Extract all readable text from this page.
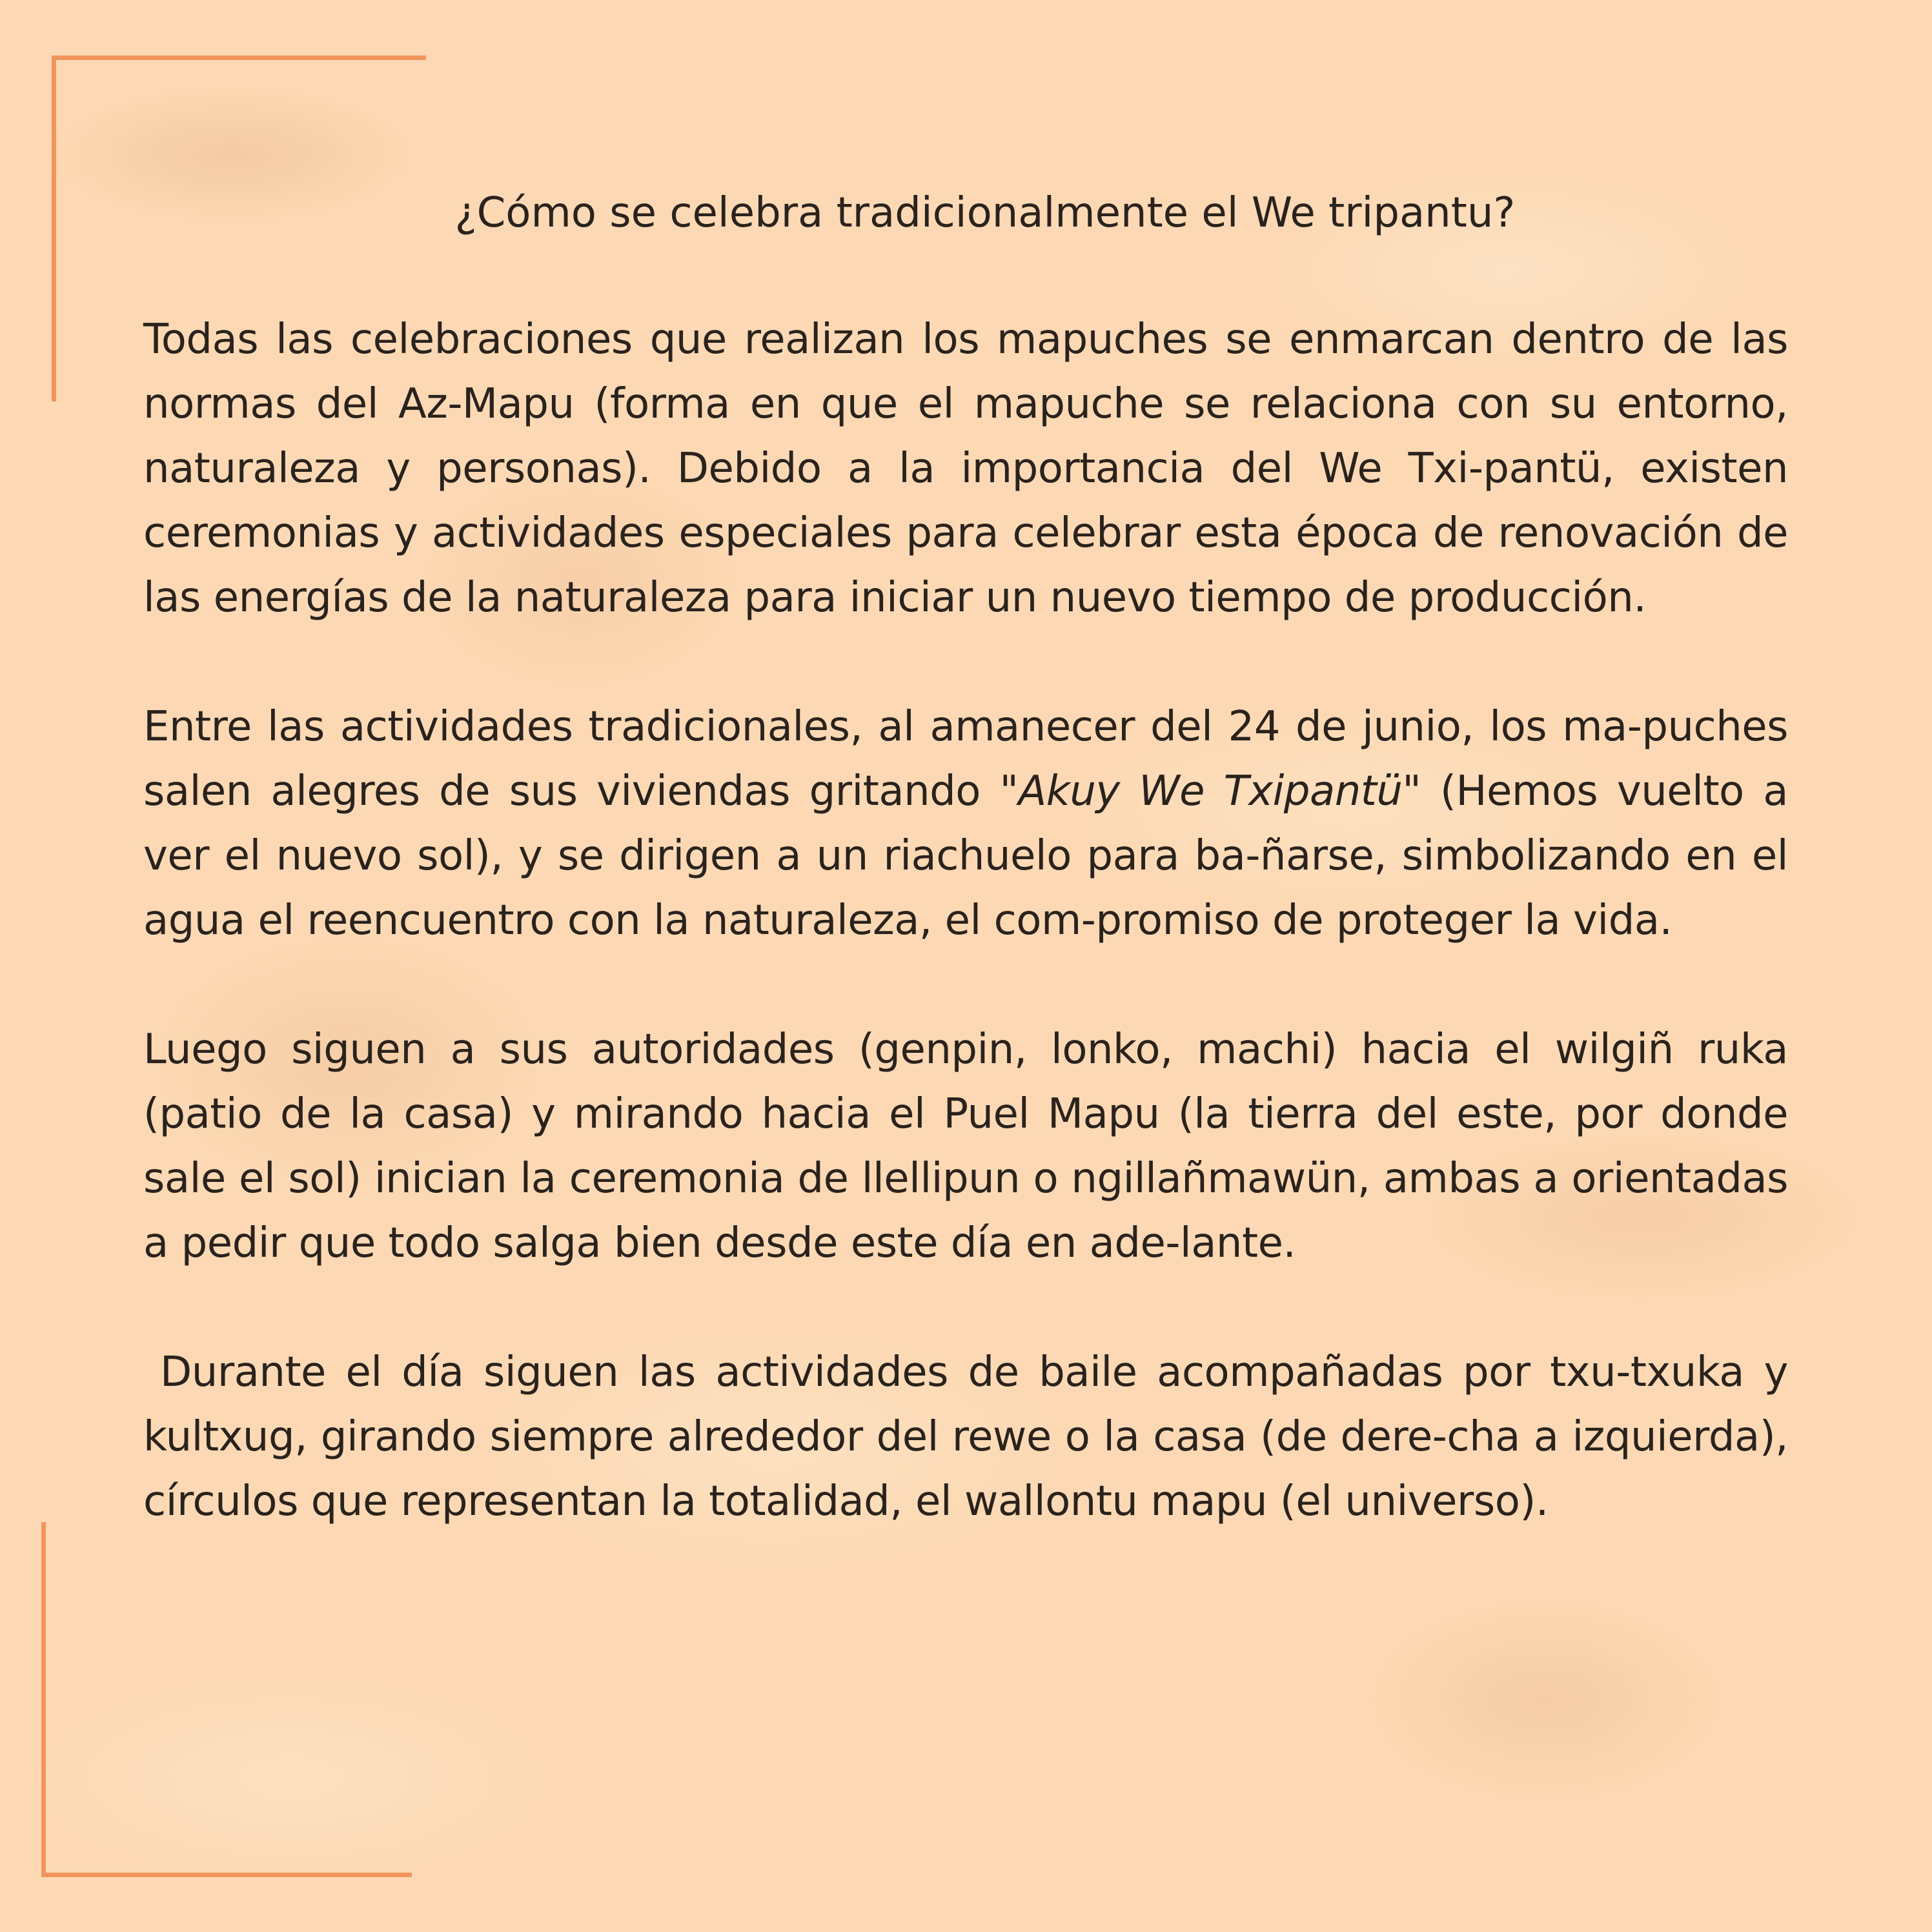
¿Cómo se celebra tradicionalmente el We tripantu?

Todas las celebraciones que realizan los mapuches se enmarcan dentro de las normas del Az-Mapu (forma en que el mapuche se relaciona con su entorno, naturaleza y personas). Debido a la importancia del We Txi-pantü, existen ceremonias y actividades especiales para celebrar esta época de renovación de las energías de la naturaleza para iniciar un nuevo tiempo de producción.

Entre las actividades tradicionales, al amanecer del 24 de junio, los ma-puches salen alegres de sus viviendas gritando "Akuy We Txipantü" (Hemos vuelto a ver el nuevo sol), y se dirigen a un riachuelo para ba-ñarse, simbolizando en el agua el reencuentro con la naturaleza, el com-promiso de proteger la vida.

Luego siguen a sus autoridades (genpin, lonko, machi) hacia el wilgiñ ruka (patio de la casa) y mirando hacia el Puel Mapu (la tierra del este, por donde sale el sol) inician la ceremonia de llellipun o ngillañmawün, ambas a orientadas a pedir que todo salga bien desde este día en ade-lante.

Durante el día siguen las actividades de baile acompañadas por txu-txuka y kultxug, girando siempre alrededor del rewe o la casa (de dere-cha a izquierda), círculos que representan la totalidad, el wallontu mapu (el universo).
